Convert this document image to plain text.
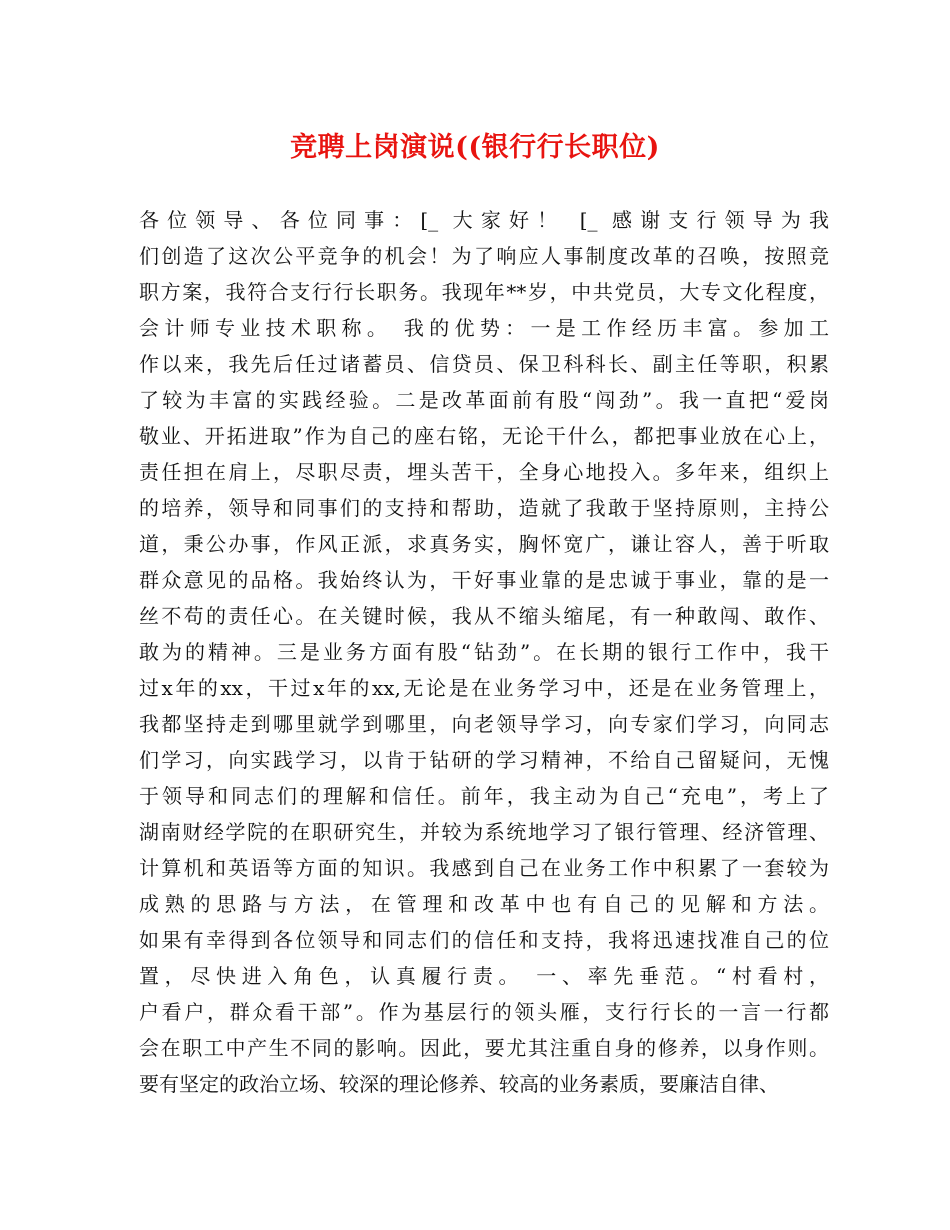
竞聘上岗演说((银行行长职位)
各位领导、各位同事：[_ 大家好！ [_ 感谢支行领导为我
们创造了这次公平竞争的机会！为了响应人事制度改革的召唤，按照竞
职方案，我符合支行行长职务。我现年**岁，中共党员，大专文化程度，
会计师专业技术职称。 我的优势：一是工作经历丰富。参加工
作以来，我先后任过诸蓄员、信贷员、保卫科科长、副主任等职，积累
了较为丰富的实践经验。二是改革面前有股“闯劲”。我一直把“爱岗
敬业、开拓进取”作为自己的座右铭，无论干什么，都把事业放在心上，
责任担在肩上，尽职尽责，埋头苦干，全身心地投入。多年来，组织上
的培养，领导和同事们的支持和帮助，造就了我敢于坚持原则，主持公
道，秉公办事，作风正派，求真务实，胸怀宽广，谦让容人，善于听取
群众意见的品格。我始终认为，干好事业靠的是忠诚于事业，靠的是一
丝不苟的责任心。在关键时候，我从不缩头缩尾，有一种敢闯、敢作、
敢为的精神。三是业务方面有股“钻劲”。在长期的银行工作中，我干
过x年的xx，干过x年的xx,无论是在业务学习中，还是在业务管理上，
我都坚持走到哪里就学到哪里，向老领导学习，向专家们学习，向同志
们学习，向实践学习，以肯于钻研的学习精神，不给自己留疑问，无愧
于领导和同志们的理解和信任。前年，我主动为自己“充电”，考上了
湖南财经学院的在职研究生，并较为系统地学习了银行管理、经济管理、
计算机和英语等方面的知识。我感到自己在业务工作中积累了一套较为
成熟的思路与方法，在管理和改革中也有自己的见解和方法。
如果有幸得到各位领导和同志们的信任和支持，我将迅速找准自己的位
置，尽快进入角色，认真履行责。 一、率先垂范。“村看村，
户看户，群众看干部”。作为基层行的领头雁，支行行长的一言一行都
会在职工中产生不同的影响。因此，要尤其注重自身的修养，以身作则。
要有坚定的政治立场、较深的理论修养、较高的业务素质，要廉洁自律、
